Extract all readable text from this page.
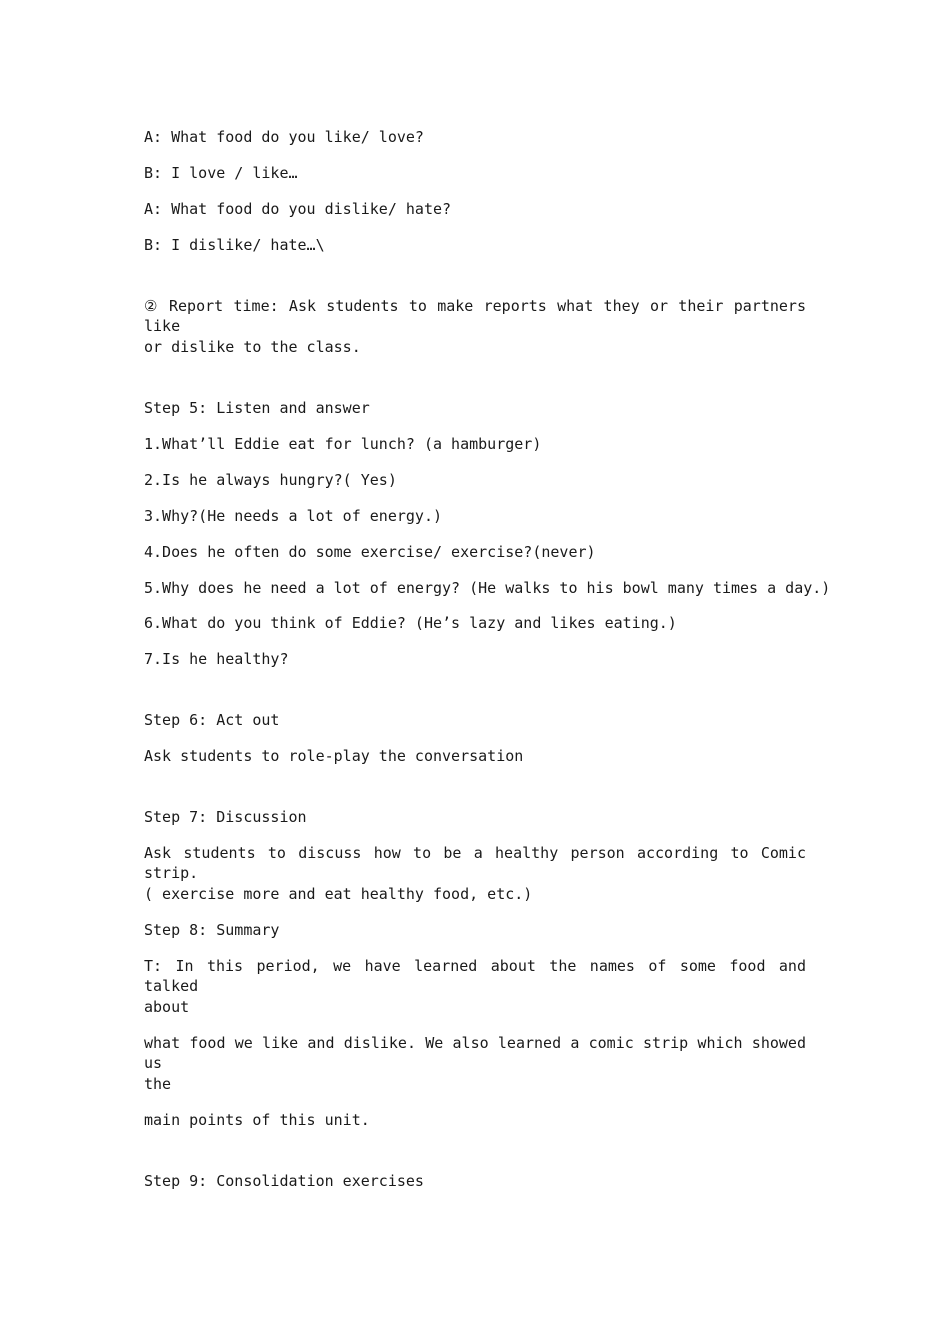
A: What food do you like/ love?
B: I love / like…
A: What food do you dislike/ hate?
B: I dislike/ hate…\
② Report time: Ask students to make reports what they or their partners like
or dislike to the class.
Step 5: Listen and answer
1.What’ll Eddie eat for lunch? (a hamburger)
2.Is he always hungry?( Yes)
3.Why?(He needs a lot of energy.)
4.Does he often do some exercise/ exercise?(never)
5.Why does he need a lot of energy? (He walks to his bowl many times a day.)
6.What do you think of Eddie? (He’s lazy and likes eating.)
7.Is he healthy?
Step 6: Act out
Ask students to role-play the conversation
Step 7: Discussion
Ask students to discuss how to be a healthy person according to Comic strip.
( exercise more and eat healthy food, etc.)
Step 8: Summary
T: In this period, we have learned about the names of some food and talked
about
what food we like and dislike. We also learned a comic strip which showed us
the
main points of this unit.
Step 9: Consolidation exercises
